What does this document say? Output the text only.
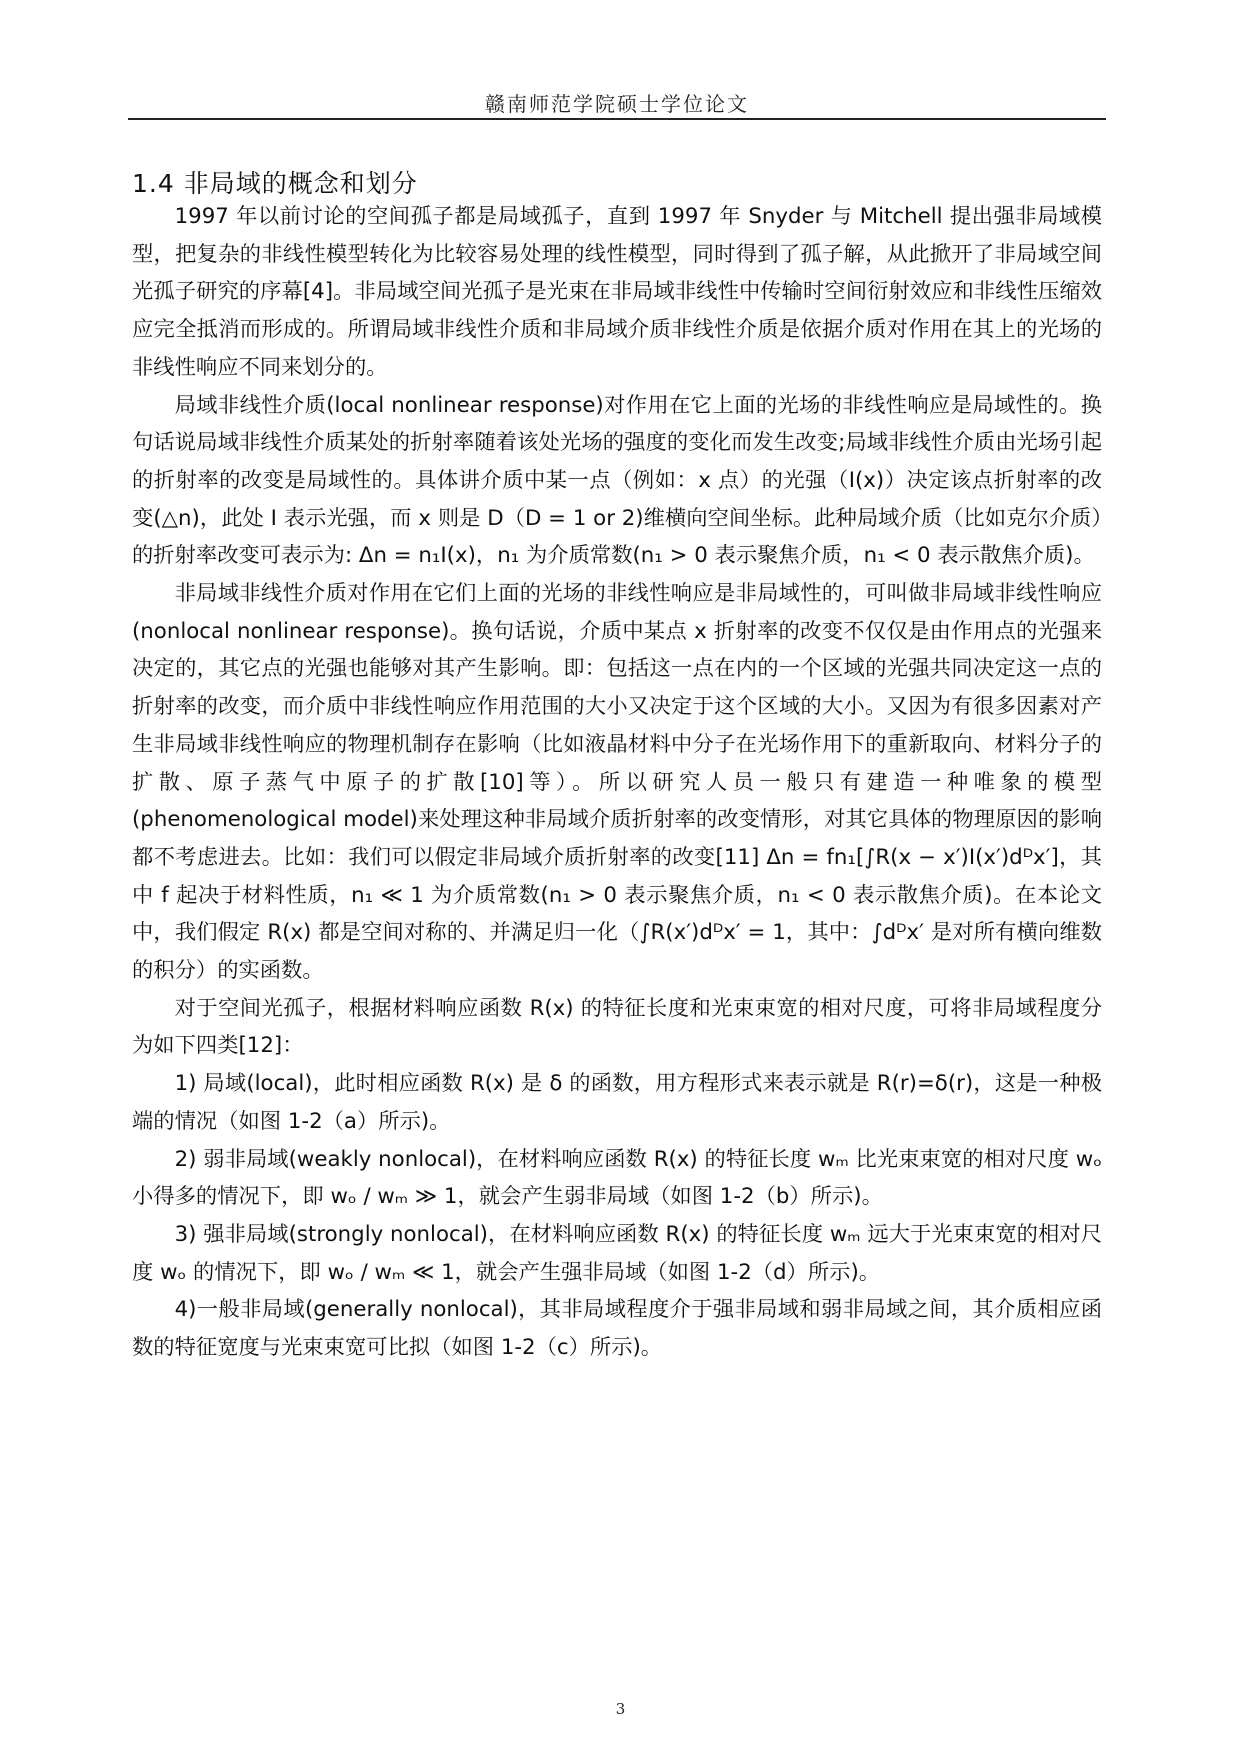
赣南师范学院硕士学位论文
1.4 非局域的概念和划分

1997 年以前讨论的空间孤子都是局域孤子，直到 1997 年 Snyder 与 Mitchell 提出强非局域模型，把复杂的非线性模型转化为比较容易处理的线性模型，同时得到了孤子解，从此掀开了非局域空间光孤子研究的序幕[4]。非局域空间光孤子是光束在非局域非线性中传输时空间衍射效应和非线性压缩效应完全抵消而形成的。所谓局域非线性介质和非局域介质非线性介质是依据介质对作用在其上的光场的非线性响应不同来划分的。

局域非线性介质(local nonlinear response)对作用在它上面的光场的非线性响应是局域性的。换句话说局域非线性介质某处的折射率随着该处光场的强度的变化而发生改变;局域非线性介质由光场引起的折射率的改变是局域性的。具体讲介质中某一点（例如：x 点）的光强（I(x)）决定该点折射率的改变(△n)，此处 I 表示光强，而 x 则是 D（D = 1 or 2)维横向空间坐标。此种局域介质（比如克尔介质）的折射率改变可表示为: Δn = n₁I(x)，n₁ 为介质常数(n₁ > 0 表示聚焦介质，n₁ < 0 表示散焦介质)。

非局域非线性介质对作用在它们上面的光场的非线性响应是非局域性的，可叫做非局域非线性响应(nonlocal nonlinear response)。换句话说，介质中某点 x 折射率的改变不仅仅是由作用点的光强来决定的，其它点的光强也能够对其产生影响。即：包括这一点在内的一个区域的光强共同决定这一点的折射率的改变，而介质中非线性响应作用范围的大小又决定于这个区域的大小。又因为有很多因素对产生非局域非线性响应的物理机制存在影响（比如液晶材料中分子在光场作用下的重新取向、材料分子的扩散、原子蒸气中原子的扩散[10]等）。所以研究人员一般只有建造一种唯象的模型(phenomenological model)来处理这种非局域介质折射率的改变情形，对其它具体的物理原因的影响都不考虑进去。比如：我们可以假定非局域介质折射率的改变[11] Δn = fn₁[∫R(x − x′)I(x′)dᴰx′]，其中 f 起决于材料性质，n₁ ≪ 1 为介质常数(n₁ > 0 表示聚焦介质，n₁ < 0 表示散焦介质)。在本论文中，我们假定 R(x) 都是空间对称的、并满足归一化（∫R(x′)dᴰx′ = 1，其中：∫dᴰx′ 是对所有横向维数的积分）的实函数。

对于空间光孤子，根据材料响应函数 R(x) 的特征长度和光束束宽的相对尺度，可将非局域程度分为如下四类[12]：

1) 局域(local)，此时相应函数 R(x) 是 δ 的函数，用方程形式来表示就是 R(r)=δ(r)，这是一种极端的情况（如图 1-2（a）所示)。

2) 弱非局域(weakly nonlocal)，在材料响应函数 R(x) 的特征长度 wₘ 比光束束宽的相对尺度 wₒ 小得多的情况下，即 wₒ / wₘ ≫ 1，就会产生弱非局域（如图 1-2（b）所示)。

3) 强非局域(strongly nonlocal)，在材料响应函数 R(x) 的特征长度 wₘ 远大于光束束宽的相对尺度 wₒ 的情况下，即 wₒ / wₘ ≪ 1，就会产生强非局域（如图 1-2（d）所示)。

4)一般非局域(generally nonlocal)，其非局域程度介于强非局域和弱非局域之间，其介质相应函数的特征宽度与光束束宽可比拟（如图 1-2（c）所示)。

3
